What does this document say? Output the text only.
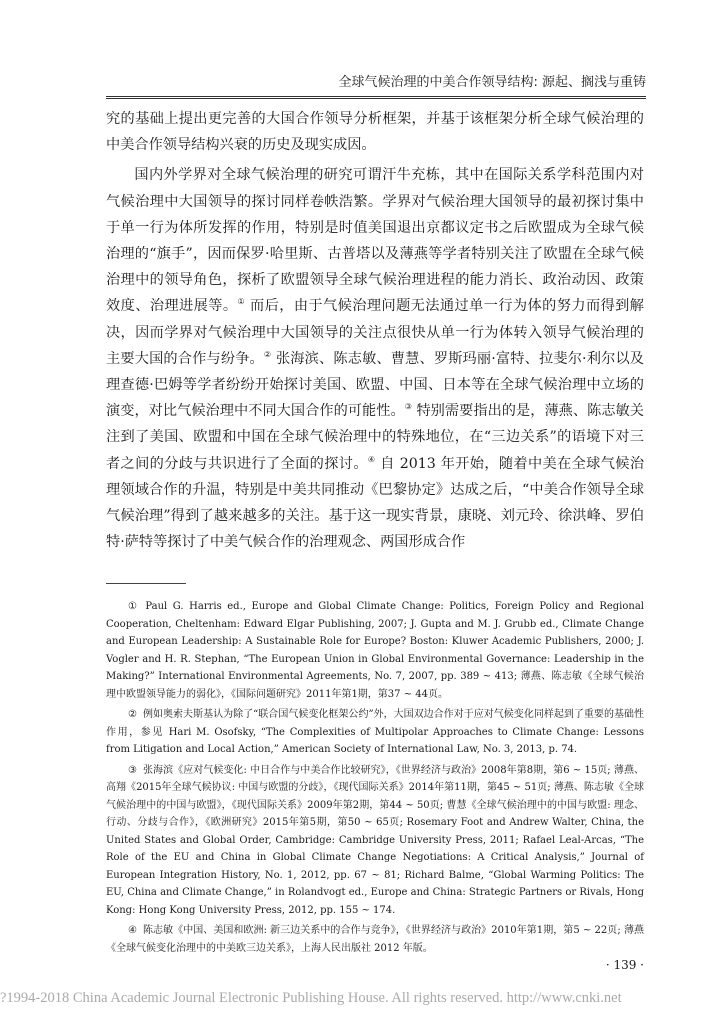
全球气候治理的中美合作领导结构: 源起、搁浅与重铸

究的基础上提出更完善的大国合作领导分析框架，并基于该框架分析全球气候治理的中美合作领导结构兴衰的历史及现实成因。

国内外学界对全球气候治理的研究可谓汗牛充栋，其中在国际关系学科范围内对气候治理中大国领导的探讨同样卷帙浩繁。学界对气候治理大国领导的最初探讨集中于单一行为体所发挥的作用，特别是时值美国退出京都议定书之后欧盟成为全球气候治理的“旗手”，因而保罗·哈里斯、古普塔以及薄燕等学者特别关注了欧盟在全球气候治理中的领导角色，探析了欧盟领导全球气候治理进程的能力消长、政治动因、政策效度、治理进展等。① 而后，由于气候治理问题无法通过单一行为体的努力而得到解决，因而学界对气候治理中大国领导的关注点很快从单一行为体转入领导气候治理的主要大国的合作与纷争。② 张海滨、陈志敏、曹慧、罗斯玛丽·富特、拉斐尔·利尔以及理查德·巴姆等学者纷纷开始探讨美国、欧盟、中国、日本等在全球气候治理中立场的演变，对比气候治理中不同大国合作的可能性。③ 特别需要指出的是，薄燕、陈志敏关注到了美国、欧盟和中国在全球气候治理中的特殊地位，在“三边关系”的语境下对三者之间的分歧与共识进行了全面的探讨。④ 自 2013 年开始，随着中美在全球气候治理领域合作的升温，特别是中美共同推动《巴黎协定》达成之后，“中美合作领导全球气候治理”得到了越来越多的关注。基于这一现实背景，康晓、刘元玲、徐洪峰、罗伯特·萨特等探讨了中美气候合作的治理观念、两国形成合作

① Paul G. Harris ed., Europe and Global Climate Change: Politics, Foreign Policy and Regional Cooperation, Cheltenham: Edward Elgar Publishing, 2007; J. Gupta and M. J. Grubb ed., Climate Change and European Leadership: A Sustainable Role for Europe? Boston: Kluwer Academic Publishers, 2000; J. Vogler and H. R. Stephan, “The European Union in Global Environmental Governance: Leadership in the Making?” International Environmental Agreements, No. 7, 2007, pp. 389 ~ 413; 薄燕、陈志敏《全球气候治理中欧盟领导能力的弱化》，《国际问题研究》2011年第1期，第37 ~ 44页。

② 例如奥索夫斯基认为除了“联合国气候变化框架公约”外，大国双边合作对于应对气候变化同样起到了重要的基础性作用，参见 Hari M. Osofsky, “The Complexities of Multipolar Approaches to Climate Change: Lessons from Litigation and Local Action,” American Society of International Law, No. 3, 2013, p. 74.

③ 张海滨《应对气候变化: 中日合作与中美合作比较研究》，《世界经济与政治》2008年第8期，第6 ~ 15页; 薄燕、高翔《2015年全球气候协议: 中国与欧盟的分歧》，《现代国际关系》2014年第11期，第45 ~ 51页; 薄燕、陈志敏《全球气候治理中的中国与欧盟》，《现代国际关系》2009年第2期，第44 ~ 50页; 曹慧《全球气候治理中的中国与欧盟: 理念、行动、分歧与合作》，《欧洲研究》2015年第5期，第50 ~ 65页; Rosemary Foot and Andrew Walter, China, the United States and Global Order, Cambridge: Cambridge University Press, 2011; Rafael Leal-Arcas, “The Role of the EU and China in Global Climate Change Negotiations: A Critical Analysis,” Journal of European Integration History, No. 1, 2012, pp. 67 ~ 81; Richard Balme, “Global Warming Politics: The EU, China and Climate Change,” in Rolandvogt ed., Europe and China: Strategic Partners or Rivals, Hong Kong: Hong Kong University Press, 2012, pp. 155 ~ 174.

④ 陈志敏《中国、美国和欧洲: 新三边关系中的合作与竞争》，《世界经济与政治》2010年第1期，第5 ~ 22页; 薄燕《全球气候变化治理中的中美欧三边关系》，上海人民出版社 2012 年版。

· 139 ·
?1994-2018 China Academic Journal Electronic Publishing House. All rights reserved. http://www.cnki.net
